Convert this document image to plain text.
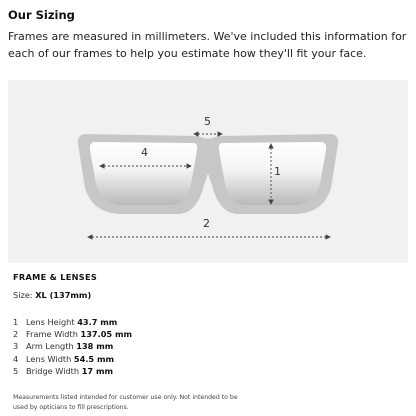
Our Sizing
Frames are measured in millimeters. We've included this information for each of our frames to help you estimate how they'll fit your face.
4
5
1
2
FRAME & LENSES
Size: XL (137mm)
1 Lens Height 43.7 mm
2 Frame Width 137.05 mm
3 Arm Length 138 mm
4 Lens Width 54.5 mm
5 Bridge Width 17 mm
Measurements listed intended for customer use only. Not intended to be used by opticians to fill prescriptions.
